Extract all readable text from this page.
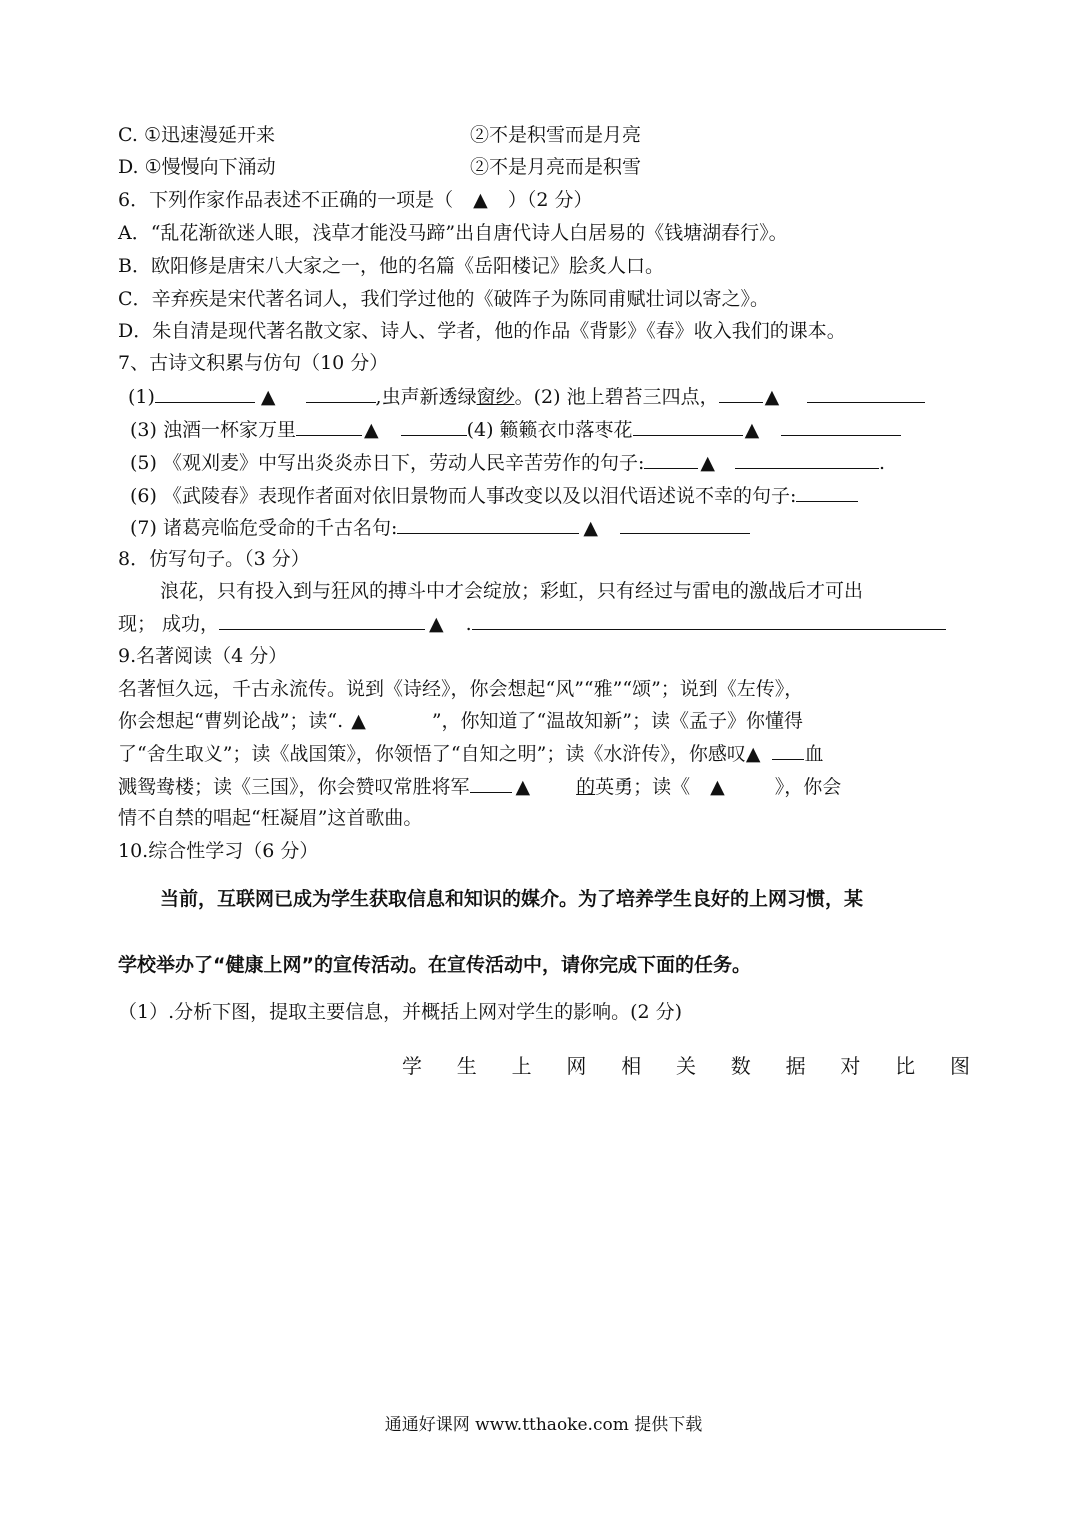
C. ①迅速漫延开来	②不是积雪而是月亮
D. ①慢慢向下涌动	②不是月亮而是积雪
6．下列作家作品表述不正确的一项是（ ▲ ）（2 分）
A．“乱花渐欲迷人眼，浅草才能没马蹄”出自唐代诗人白居易的《钱塘湖春行》。
B．欧阳修是唐宋八大家之一，他的名篇《岳阳楼记》脍炙人口。
C．辛弃疾是宋代著名词人，我们学过他的《破阵子为陈同甫赋壮词以寄之》。
D．朱自清是现代著名散文家、诗人、学者，他的作品《背影》《春》收入我们的课本。
7、古诗文积累与仿句（10 分）
(1)	▲	,虫声新透绿窗纱。(2) 池上碧苔三四点， ▲
(3) 浊酒一杯家万里	▲	(4) 籁籁衣巾落枣花	▲
(5) 《观刈麦》中写出炎炎赤日下，劳动人民辛苦劳作的句子:	▲	.
(6) 《武陵春》表现作者面对依旧景物而人事改变以及以泪代语述说不幸的句子:
(7) 诸葛亮临危受命的千古名句:	▲
8．仿写句子。（3 分）
浪花，只有投入到与狂风的搏斗中才会绽放；彩虹，只有经过与雷电的激战后才可出
现； 成功，	▲ .
9.名著阅读（4 分）
名著恒久远，千古永流传。说到《诗经》，你会想起“风”“雅”“颂”；说到《左传》，
你会想起“曹刿论战”；读“. ▲	”，你知道了“温故知新”；读《孟子》你懂得
了“舍生取义”；读《战国策》，你领悟了“自知之明”；读《水浒传》，你感叹▲ 血
溅鸳鸯楼；读《三国》，你会赞叹常胜将军 ▲ 的英勇；读《 ▲	》，你会
情不自禁的唱起“枉凝眉”这首歌曲。
10.综合性学习（6 分）
当前，互联网已成为学生获取信息和知识的媒介。为了培养学生良好的上网习惯，某
学校举办了“健康上网”的宣传活动。在宣传活动中，请你完成下面的任务。
（1）.分析下图，提取主要信息，并概括上网对学生的影响。(2 分)
学 生 上 网 相 关 数 据 对 比 图
通通好课网 www.tthaoke.com 提供下载
